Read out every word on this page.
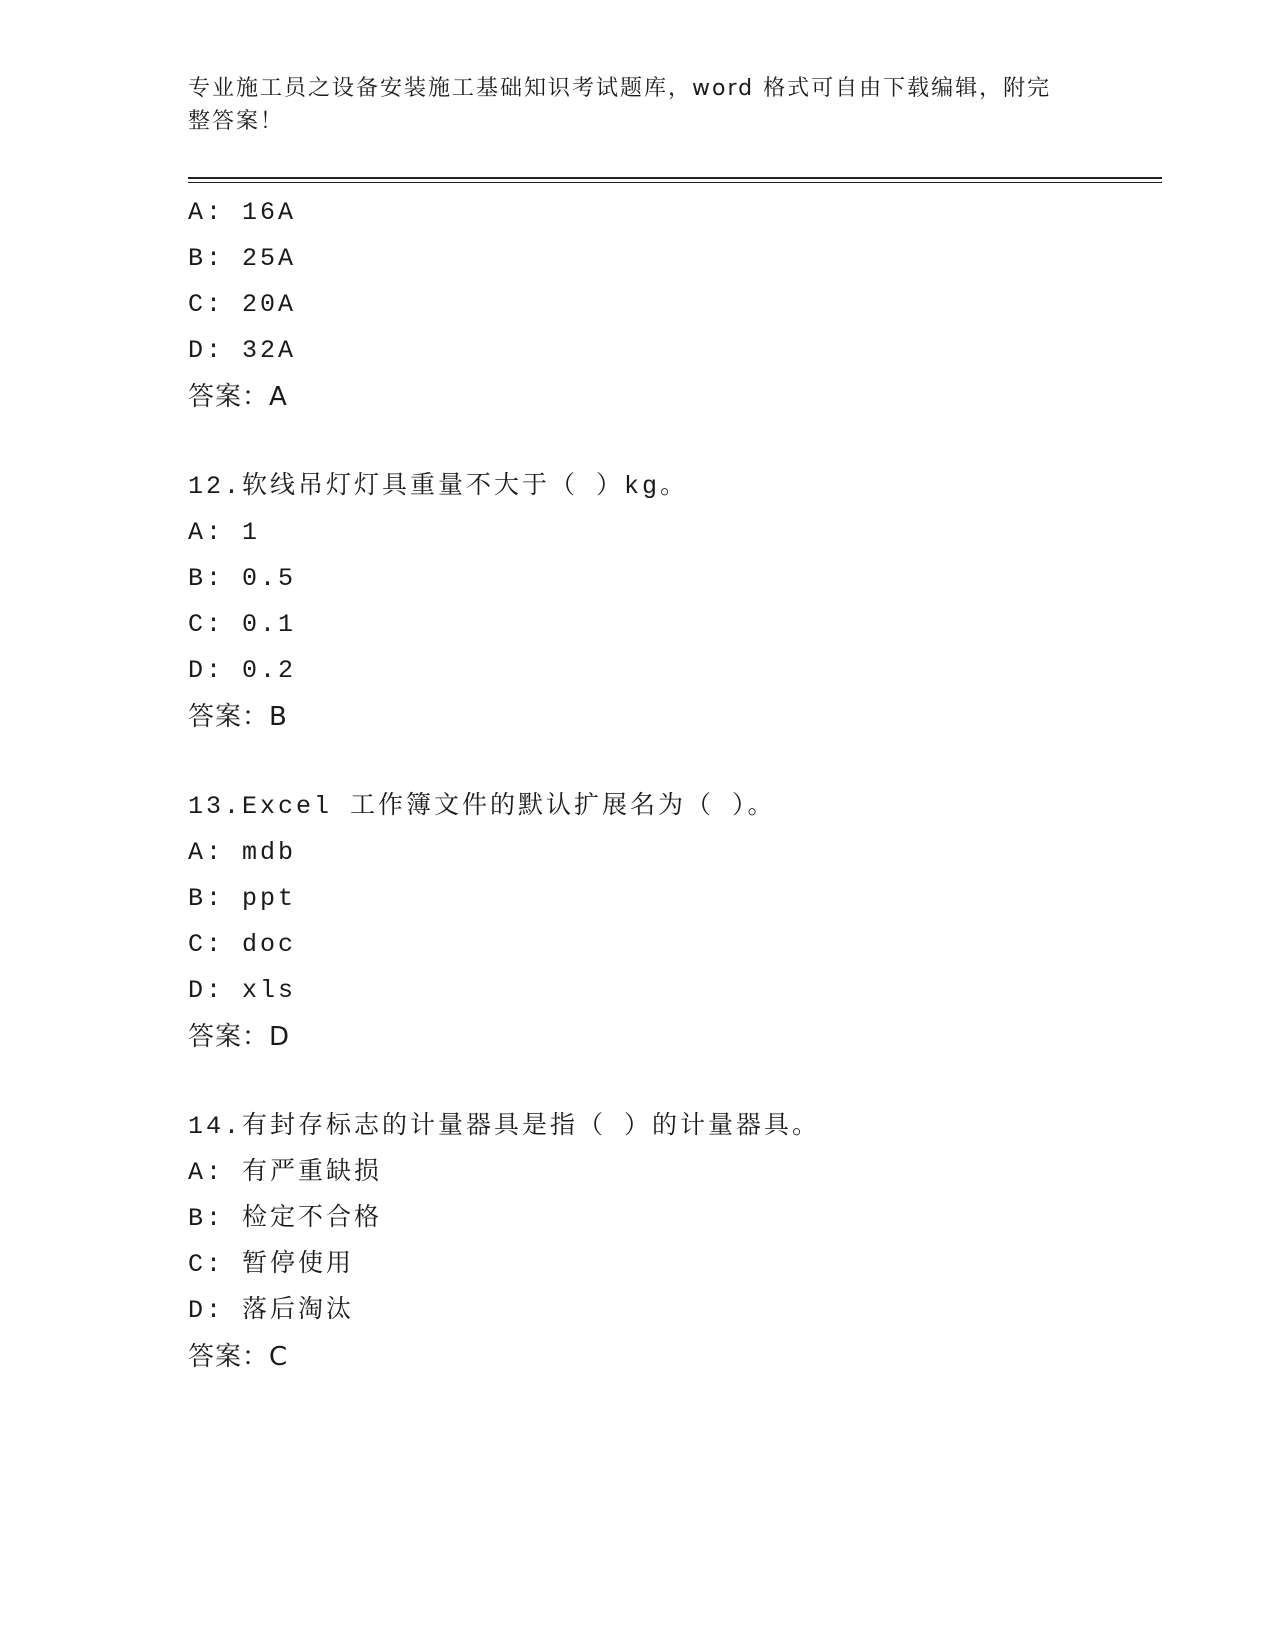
专业施工员之设备安装施工基础知识考试题库，word 格式可自由下载编辑，附完整答案！
A: 16A
B: 25A
C: 20A
D: 32A
答案：A
12.软线吊灯灯具重量不大于（ ）kg。
A: 1
B: 0.5
C: 0.1
D: 0.2
答案：B
13.Excel 工作簿文件的默认扩展名为（ ）。
A: mdb
B: ppt
C: doc
D: xls
答案：D
14.有封存标志的计量器具是指（ ）的计量器具。
A: 有严重缺损
B: 检定不合格
C: 暂停使用
D: 落后淘汰
答案：C
